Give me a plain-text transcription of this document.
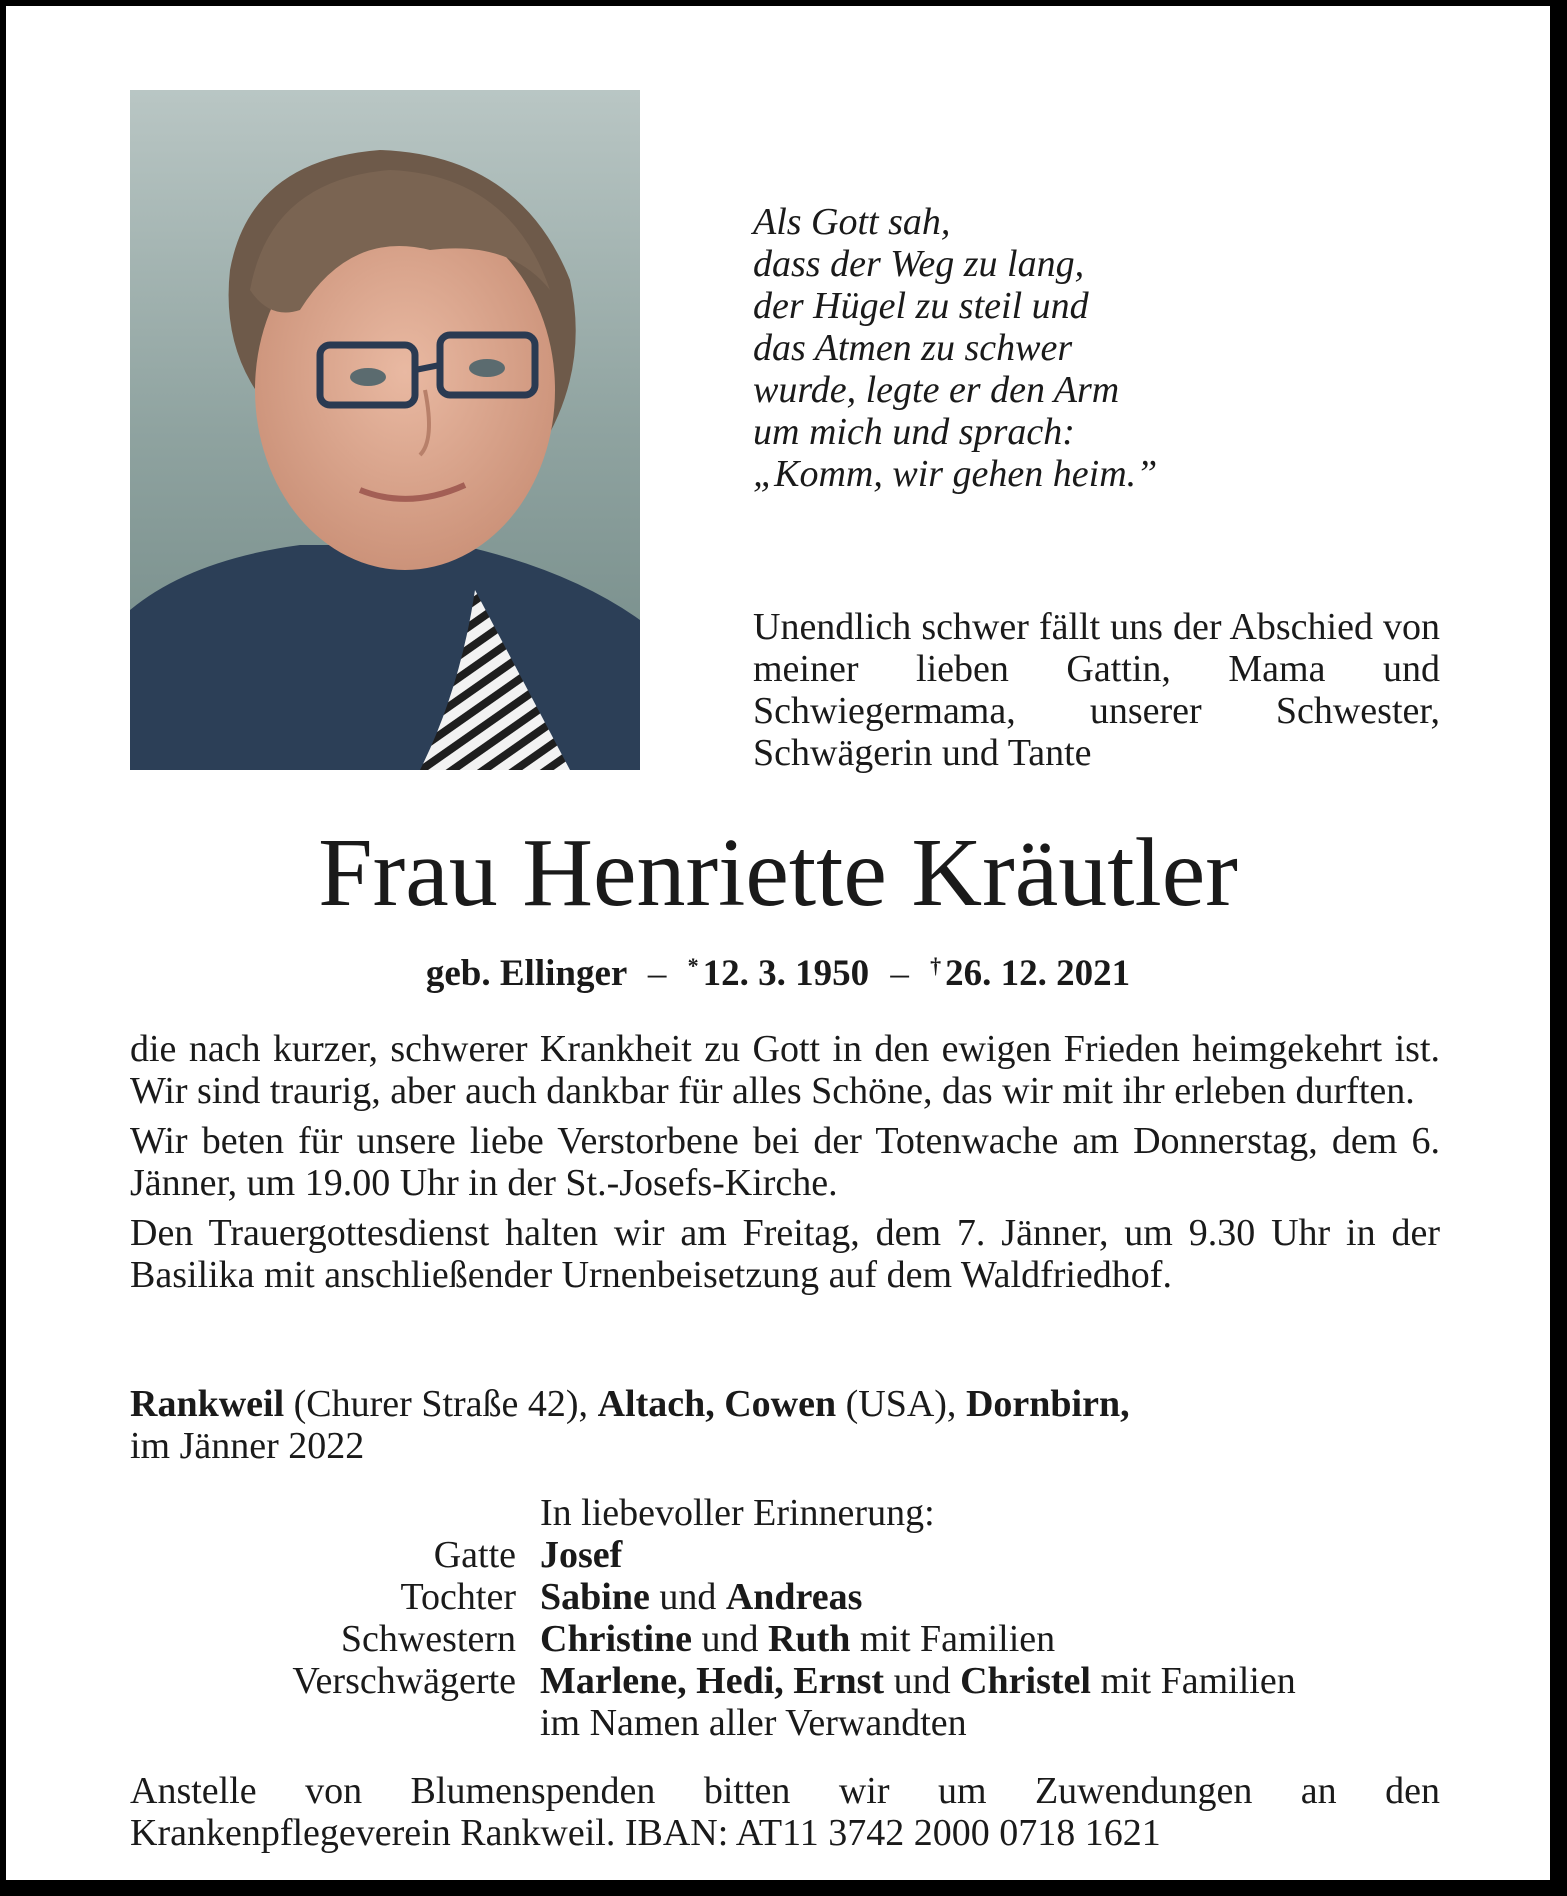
Als Gott sah,
dass der Weg zu lang,
der Hügel zu steil und
das Atmen zu schwer
wurde, legte er den Arm
um mich und sprach:
„Komm, wir gehen heim.”
Unendlich schwer fällt uns der Abschied von meiner lieben Gattin, Mama und Schwiegermama, unserer Schwester, Schwägerin und Tante
Frau Henriette Kräutler
geb. Ellinger – * 12. 3. 1950 – † 26. 12. 2021

die nach kurzer, schwerer Krankheit zu Gott in den ewigen Frieden heimgekehrt ist. Wir sind traurig, aber auch dankbar für alles Schöne, das wir mit ihr erleben durften.

Wir beten für unsere liebe Verstorbene bei der Totenwache am Donnerstag, dem 6. Jänner, um 19.00 Uhr in der St.-Josefs-Kirche.

Den Trauergottesdienst halten wir am Freitag, dem 7. Jänner, um 9.30 Uhr in der Basilika mit anschließender Urnenbeisetzung auf dem Waldfriedhof.

Rankweil (Churer Straße 42), Altach, Cowen (USA), Dornbirn,
im Jänner 2022
In liebevoller Erinnerung:
Gatte Josef
Tochter Sabine und Andreas
Schwestern Christine und Ruth mit Familien
Verschwägerte Marlene, Hedi, Ernst und Christel mit Familien
im Namen aller Verwandten
Anstelle von Blumenspenden bitten wir um Zuwendungen an den Krankenpflegeverein Rankweil. IBAN: AT11 3742 2000 0718 1621
